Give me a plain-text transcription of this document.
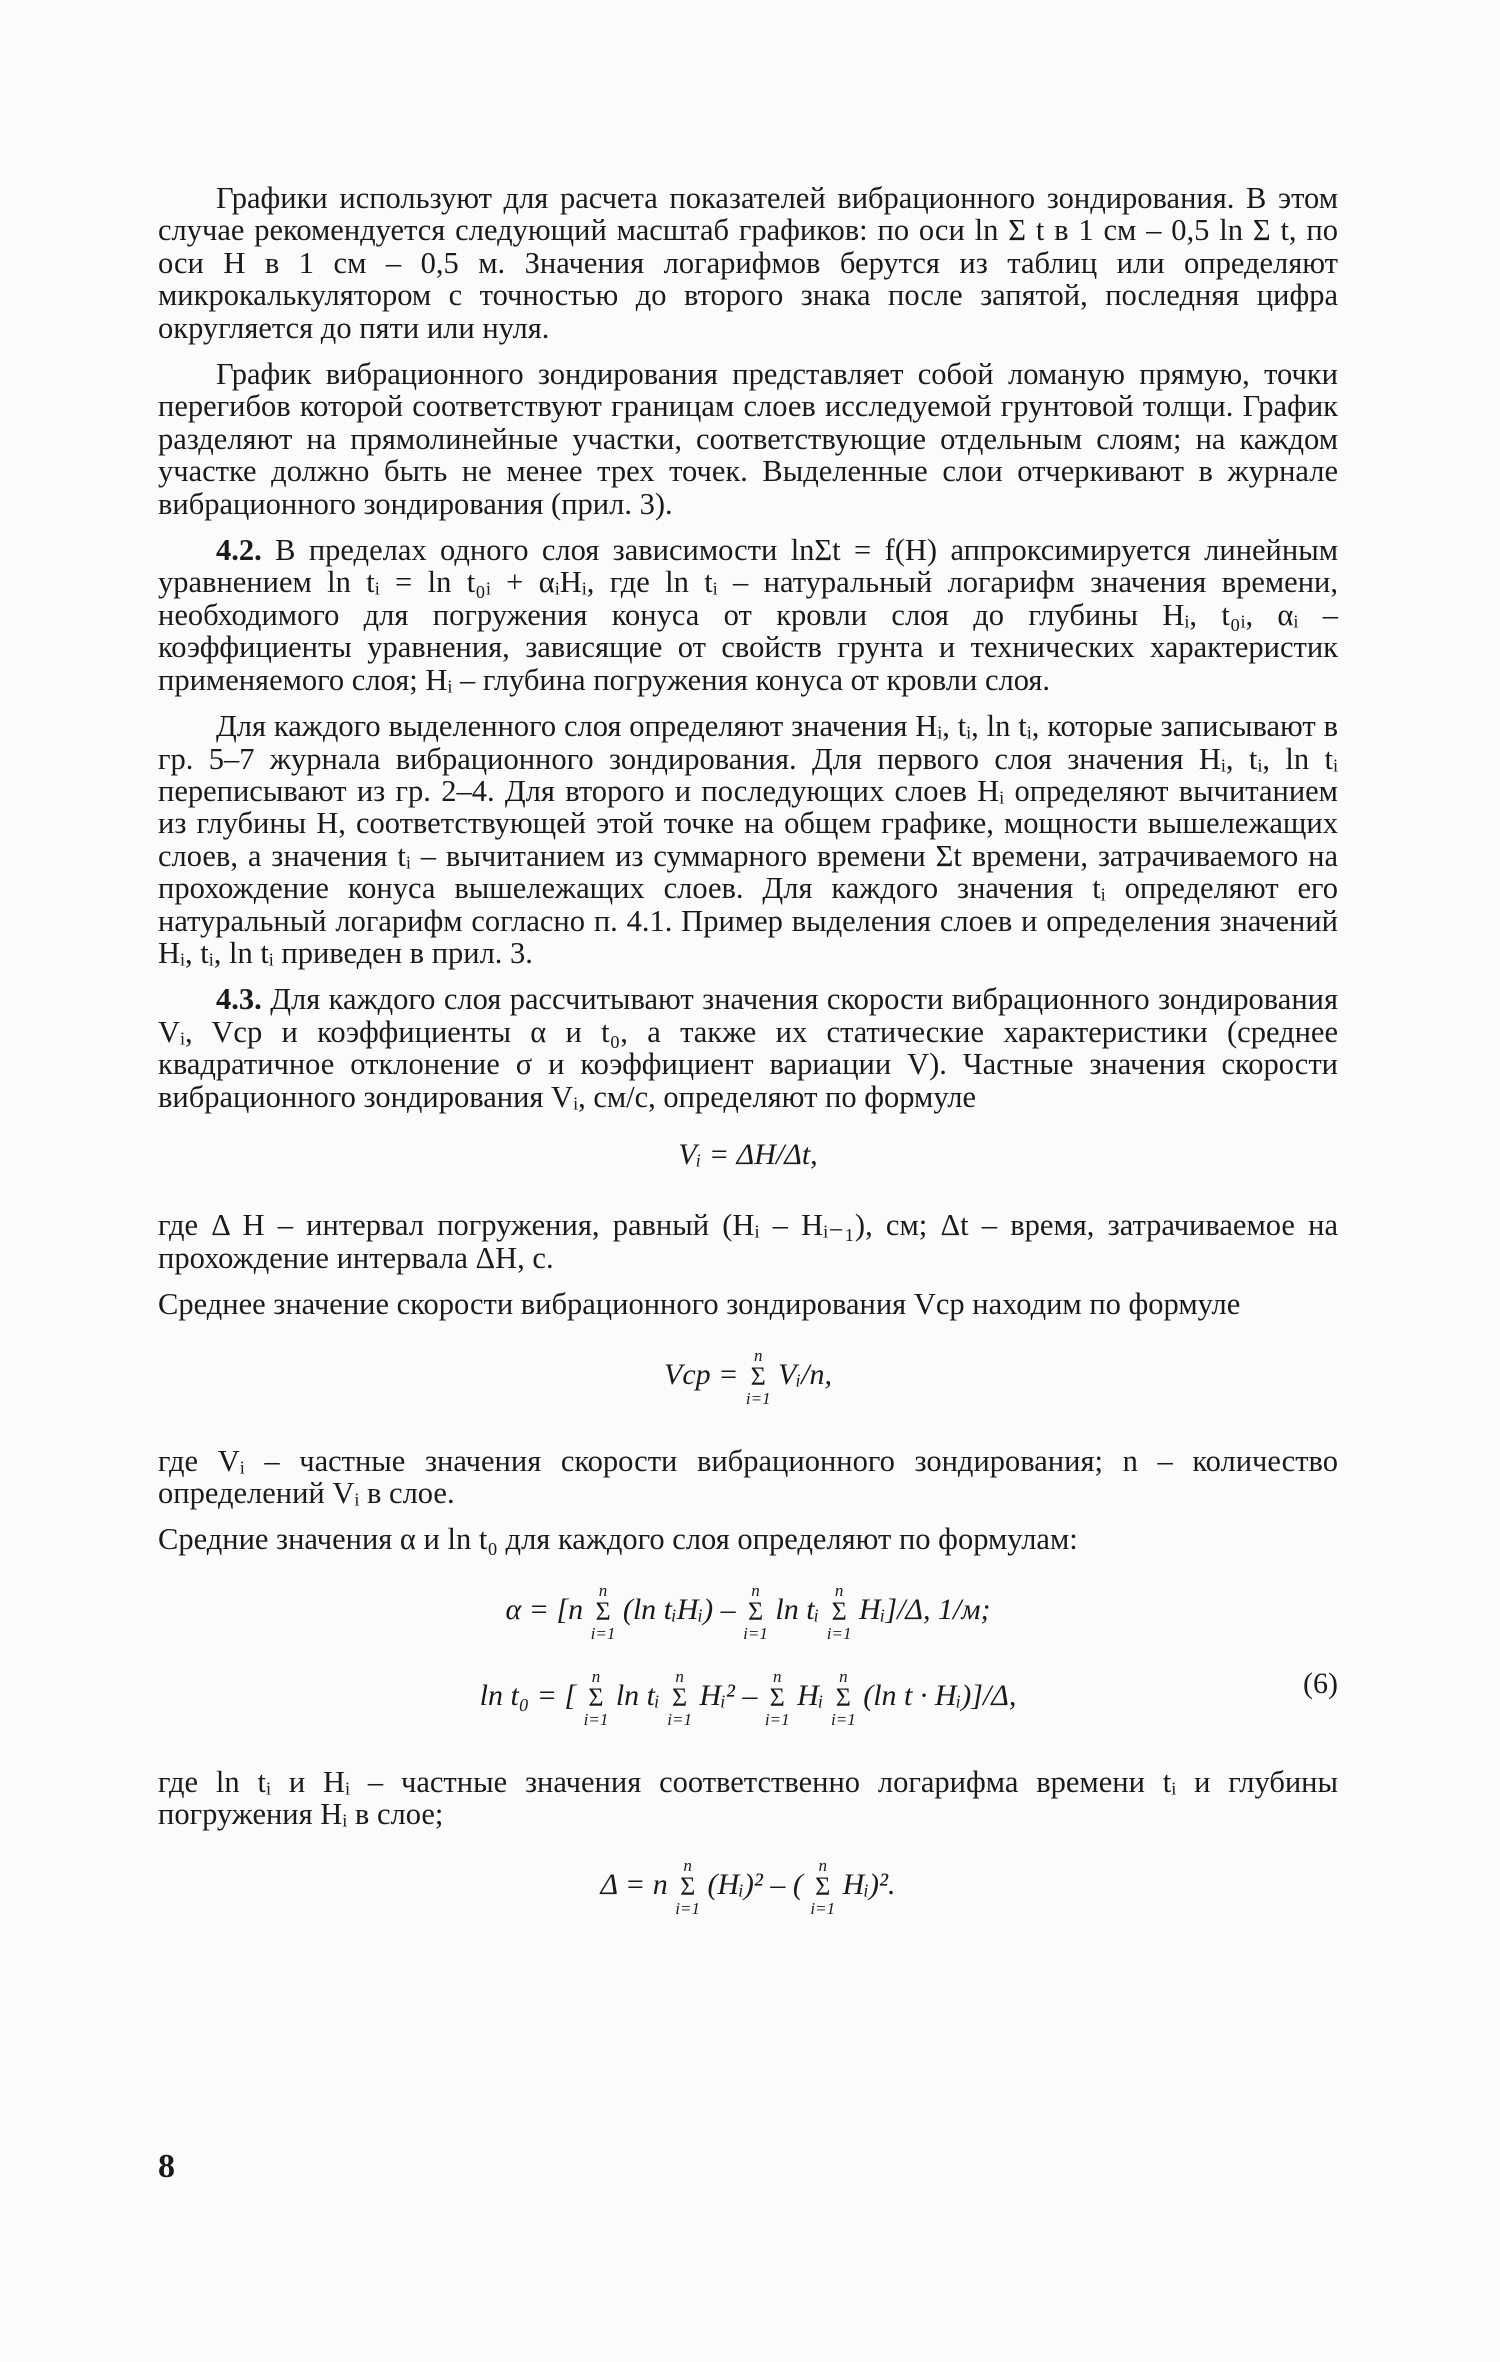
Графики используют для расчета показателей вибрационного зондирования. В этом случае рекомендуется следующий масштаб графиков: по оси ln Σ t в 1 см – 0,5 ln Σ t, по оси H в 1 см – 0,5 м. Значения логарифмов берутся из таблиц или определяют микрокалькулятором с точностью до второго знака после запятой, последняя цифра округляется до пяти или нуля.

График вибрационного зондирования представляет собой ломаную прямую, точки перегибов которой соответствуют границам слоев исследуемой грунтовой толщи. График разделяют на прямолинейные участки, соответствующие отдельным слоям; на каждом участке должно быть не менее трех точек. Выделенные слои отчеркивают в журнале вибрационного зондирования (прил. 3).

4.2. В пределах одного слоя зависимости lnΣt = f(H) аппроксимируется линейным уравнением ln tᵢ = ln t₀ᵢ + αᵢHᵢ, где ln tᵢ – натуральный логарифм значения времени, необходимого для погружения конуса от кровли слоя до глубины Hᵢ, t₀ᵢ, αᵢ – коэффициенты уравнения, зависящие от свойств грунта и технических характеристик применяемого слоя; Hᵢ – глубина погружения конуса от кровли слоя.

Для каждого выделенного слоя определяют значения Hᵢ, tᵢ, ln tᵢ, которые записывают в гр. 5–7 журнала вибрационного зондирования. Для первого слоя значения Hᵢ, tᵢ, ln tᵢ переписывают из гр. 2–4. Для второго и последующих слоев Hᵢ определяют вычитанием из глубины H, соответствующей этой точке на общем графике, мощности вышележащих слоев, а значения tᵢ – вычитанием из суммарного времени Σt времени, затрачиваемого на прохождение конуса вышележащих слоев. Для каждого значения tᵢ определяют его натуральный логарифм согласно п. 4.1. Пример выделения слоев и определения значений Hᵢ, tᵢ, ln tᵢ приведен в прил. 3.

4.3. Для каждого слоя рассчитывают значения скорости вибрационного зондирования Vᵢ, Vср и коэффициенты α и t₀, а также их статические характеристики (среднее квадратичное отклонение σ и коэффициент вариации V). Частные значения скорости вибрационного зондирования Vᵢ, см/с, определяют по формуле

Vᵢ = ΔH/Δt,

где Δ H – интервал погружения, равный (Hᵢ – Hᵢ₋₁), см; Δt – время, затрачиваемое на прохождение интервала ΔH, с.

Среднее значение скорости вибрационного зондирования Vср находим по формуле

Vср =
n
Σ
i=1
Vᵢ/n,

где Vᵢ – частные значения скорости вибрационного зондирования; n – количество определений Vᵢ в слое.

Средние значения α и ln t₀ для каждого слоя определяют по формулам:

α = [n
n
Σ
i=1
(ln tᵢHᵢ) –
n
Σ
i=1
ln tᵢ
n
Σ
i=1
Hᵢ]/Δ, 1/м;
ln t₀ = [
n
Σ
i=1
ln tᵢ
n
Σ
i=1
Hᵢ² –
n
Σ
i=1
Hᵢ
n
Σ
i=1
(ln t · Hᵢ)]/Δ,	(6)

где ln tᵢ и Hᵢ – частные значения соответственно логарифма времени tᵢ и глубины погружения Hᵢ в слое;

Δ = n
n
Σ
i=1
(Hᵢ)² – (
n
Σ
i=1
Hᵢ)².
8
